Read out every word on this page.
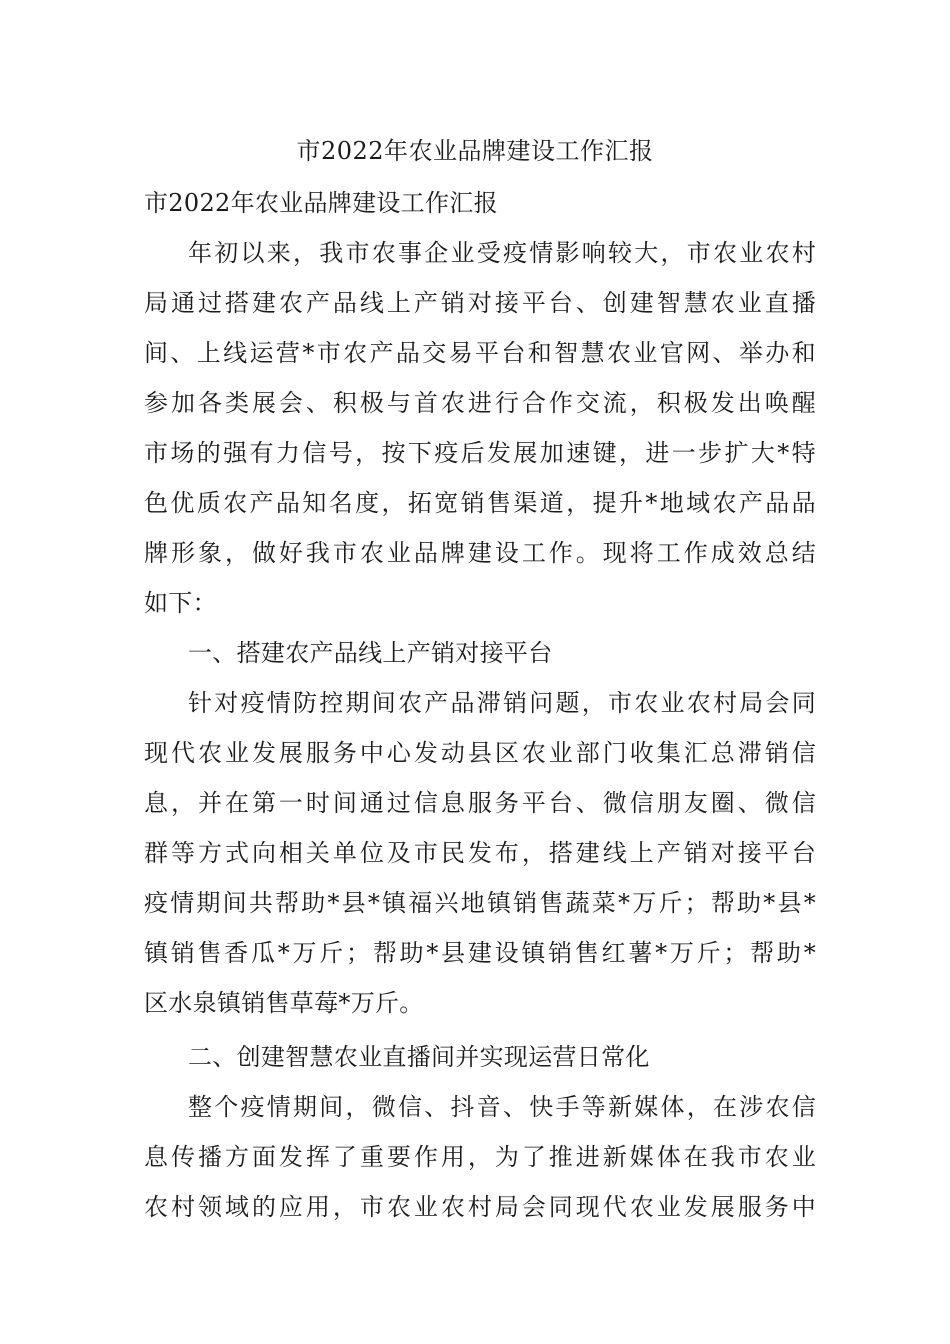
市2022年农业品牌建设工作汇报
市2022年农业品牌建设工作汇报
年初以来，我市农事企业受疫情影响较大，市农业农村
局通过搭建农产品线上产销对接平台、创建智慧农业直播
间、上线运营*市农产品交易平台和智慧农业官网、举办和
参加各类展会、积极与首农进行合作交流，积极发出唤醒
市场的强有力信号，按下疫后发展加速键，进一步扩大*特
色优质农产品知名度，拓宽销售渠道，提升*地域农产品品
牌形象，做好我市农业品牌建设工作。现将工作成效总结
如下：
一、搭建农产品线上产销对接平台
针对疫情防控期间农产品滞销问题，市农业农村局会同
现代农业发展服务中心发动县区农业部门收集汇总滞销信
息，并在第一时间通过信息服务平台、微信朋友圈、微信
群等方式向相关单位及市民发布，搭建线上产销对接平台
疫情期间共帮助*县*镇福兴地镇销售蔬菜*万斤；帮助*县*
镇销售香瓜*万斤；帮助*县建设镇销售红薯*万斤；帮助*
区水泉镇销售草莓*万斤。
二、创建智慧农业直播间并实现运营日常化
整个疫情期间，微信、抖音、快手等新媒体，在涉农信
息传播方面发挥了重要作用，为了推进新媒体在我市农业
农村领域的应用，市农业农村局会同现代农业发展服务中
